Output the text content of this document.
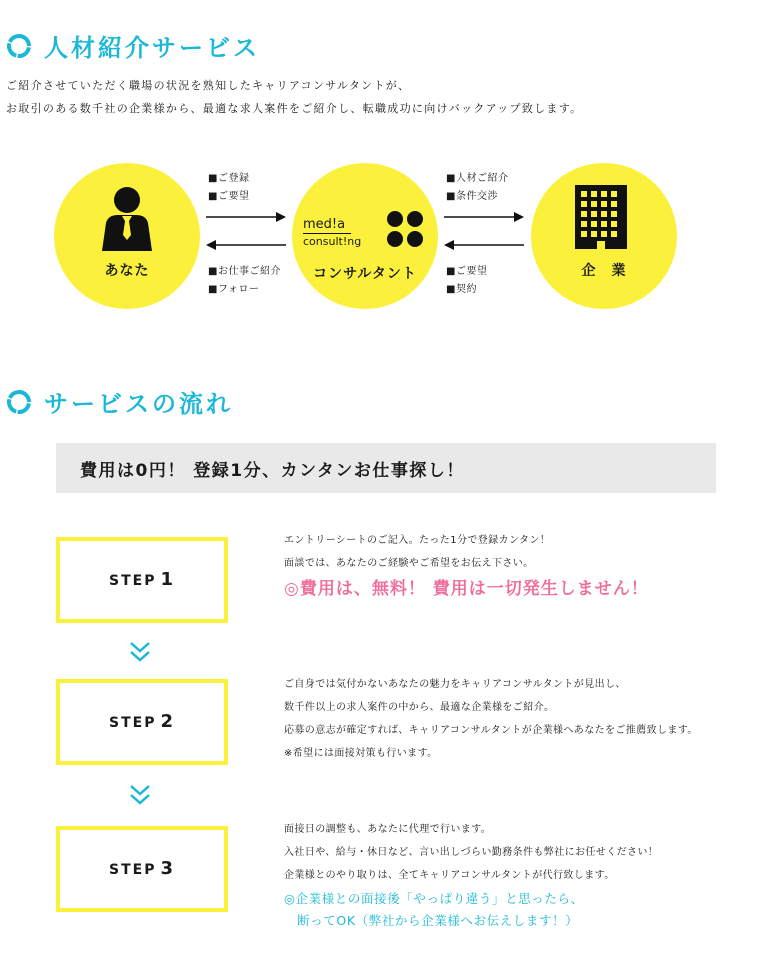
人材紹介サービス
ご紹介させていただく職場の状況を熟知したキャリアコンサルタントが、
お取引のある数千社の企業様から、最適な求人案件をご紹介し、転職成功に向けバックアップ致します。
あなた
med!a
consult!ng
コンサルタント	企　業
■ご登録
■ご要望
■お仕事ご紹介
■フォロー
■人材ご紹介
■条件交渉
■ご要望
■契約
サービスの流れ
費用は0円！ 登録1分、カンタンお仕事探し！
STEP 1
エントリーシートのご記入。たった1分で登録カンタン！
面談では、あなたのご経験やご希望をお伝え下さい。
◎費用は、無料！ 費用は一切発生しません！
STEP 2
ご自身では気付かないあなたの魅力をキャリアコンサルタントが見出し、
数千件以上の求人案件の中から、最適な企業様をご紹介。
応募の意志が確定すれば、キャリアコンサルタントが企業様へあなたをご推薦致します。
※希望には面接対策も行います。
STEP 3
面接日の調整も、あなたに代理で行います。
入社日や、給与・休日など、言い出しづらい勤務条件も弊社にお任せください！
企業様とのやり取りは、全てキャリアコンサルタントが代行致します。
◎企業様との面接後「やっぱり違う」と思ったら、
　断ってOK（弊社から企業様へお伝えします！）
